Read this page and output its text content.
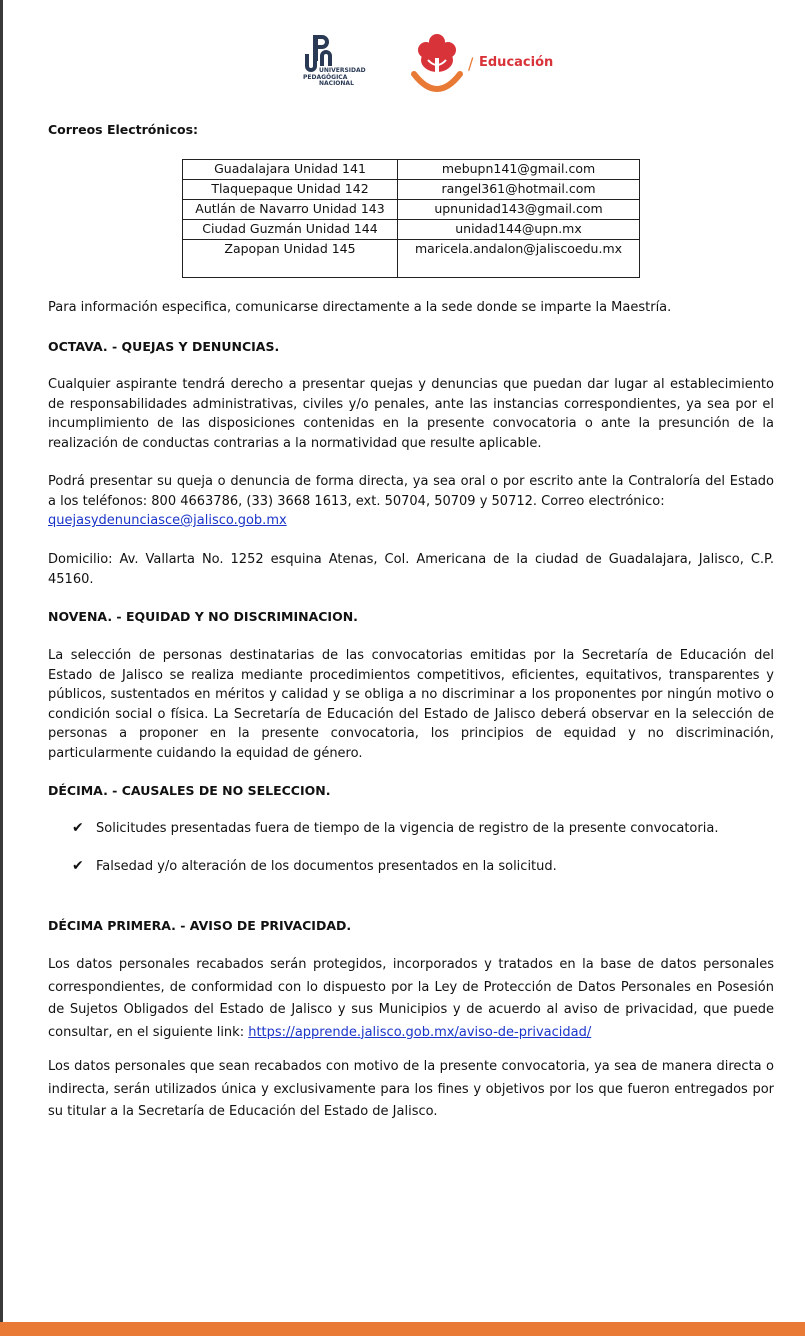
UNIVERSIDAD
PEDAGÓGICA
NACIONAL
/ Educación
Correos Electrónicos:
Guadalajara Unidad 141	mebupn141@gmail.com
Tlaquepaque Unidad 142	rangel361@hotmail.com
Autlán de Navarro Unidad 143	upnunidad143@gmail.com
Ciudad Guzmán Unidad 144	unidad144@upn.mx
Zapopan Unidad 145	maricela.andalon@jaliscoedu.mx

Para información especifica, comunicarse directamente a la sede donde se imparte la Maestría.

OCTAVA. - QUEJAS Y DENUNCIAS.

Cualquier aspirante tendrá derecho a presentar quejas y denuncias que puedan dar lugar al establecimiento de responsabilidades administrativas, civiles y/o penales, ante las instancias correspondientes, ya sea por el incumplimiento de las disposiciones contenidas en la presente convocatoria o ante la presunción de la realización de conductas contrarias a la normatividad que resulte aplicable.

Podrá presentar su queja o denuncia de forma directa, ya sea oral o por escrito ante la Contraloría del Estado a los teléfonos: 800 4663786, (33) 3668 1613, ext. 50704, 50709 y 50712. Correo electrónico:
quejasydenunciasce@jalisco.gob.mx

Domicilio: Av. Vallarta No. 1252 esquina Atenas, Col. Americana de la ciudad de Guadalajara, Jalisco, C.P. 45160.

NOVENA. - EQUIDAD Y NO DISCRIMINACION.

La selección de personas destinatarias de las convocatorias emitidas por la Secretaría de Educación del Estado de Jalisco se realiza mediante procedimientos competitivos, eficientes, equitativos, transparentes y públicos, sustentados en méritos y calidad y se obliga a no discriminar a los proponentes por ningún motivo o condición social o física. La Secretaría de Educación del Estado de Jalisco deberá observar en la selección de personas a proponer en la presente convocatoria, los principios de equidad y no discriminación, particularmente cuidando la equidad de género.

DÉCIMA. - CAUSALES DE NO SELECCION.
✔ Solicitudes presentadas fuera de tiempo de la vigencia de registro de la presente convocatoria.
✔ Falsedad y/o alteración de los documentos presentados en la solicitud.
DÉCIMA PRIMERA. - AVISO DE PRIVACIDAD.

Los datos personales recabados serán protegidos, incorporados y tratados en la base de datos personales correspondientes, de conformidad con lo dispuesto por la Ley de Protección de Datos Personales en Posesión de Sujetos Obligados del Estado de Jalisco y sus Municipios y de acuerdo al aviso de privacidad, que puede consultar, en el siguiente link: https://apprende.jalisco.gob.mx/aviso-de-privacidad/

Los datos personales que sean recabados con motivo de la presente convocatoria, ya sea de manera directa o indirecta, serán utilizados única y exclusivamente para los fines y objetivos por los que fueron entregados por su titular a la Secretaría de Educación del Estado de Jalisco.
